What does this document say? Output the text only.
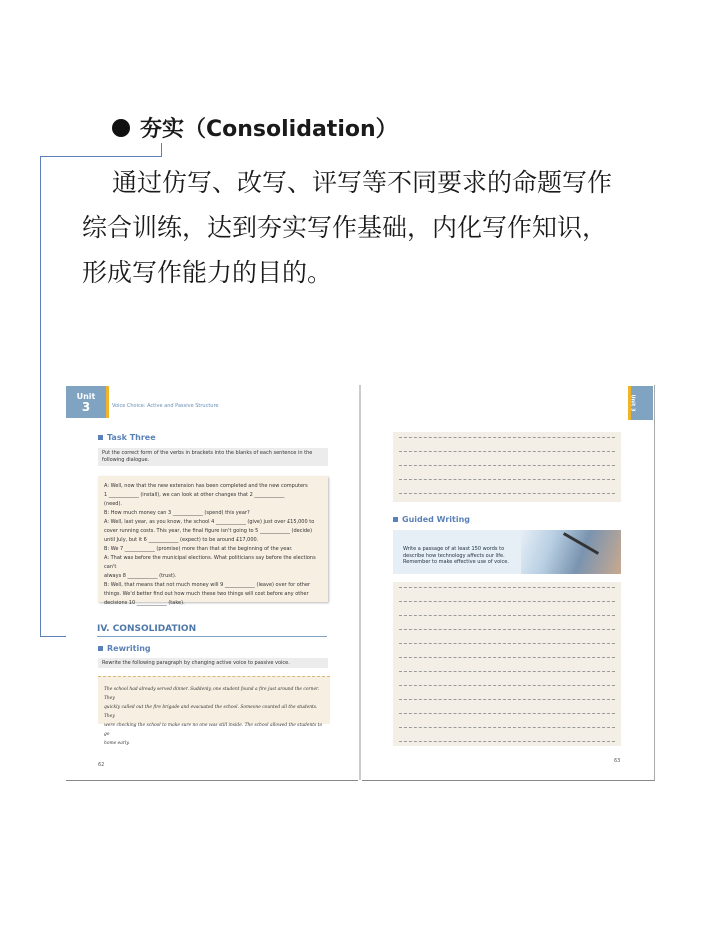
夯实（Consolidation）
通过仿写、改写、评写等不同要求的命题写作
综合训练，达到夯实写作基础，内化写作知识，
形成写作能力的目的。
Unit
3	Voice Choice: Active and Passive Structure
Task Three
Put the correct form of the verbs in brackets into the blanks of each sentence in the following dialogue.

A: Well, now that the new extension has been completed and the new computers

1 ____________ (install), we can look at other changes that 2 ____________

(need).

B: How much money can 3 ____________ (spend) this year?

A: Well, last year, as you know, the school 4 ____________ (give) just over £15,000 to

cover running costs. This year, the final figure isn't going to 5 ____________ (decide)

until July, but it 6 ____________ (expect) to be around £17,000.

B: We 7 ____________ (promise) more than that at the beginning of the year.

A: That was before the municipal elections. What politicians say before the elections can't

always 8 ____________ (trust).

B: Well, that means that not much money will 9 ____________ (leave) over for other

things. We'd better find out how much these two things will cost before any other

decisions 10 ____________ (take).

IV. CONSOLIDATION
Rewriting
Rewrite the following paragraph by changing active voice to passive voice.
The school had already served dinner. Suddenly, one student found a fire just around the corner. They
quickly called out the fire brigade and evacuated the school. Someone counted all the students. They
were checking the school to make sure no one was still inside. The school allowed the students to go
home early.
62
Unit 3
Guided Writing
Write a passage of at least 150 words to
describe how technology affects our life.
Remember to make effective use of voice.
63
